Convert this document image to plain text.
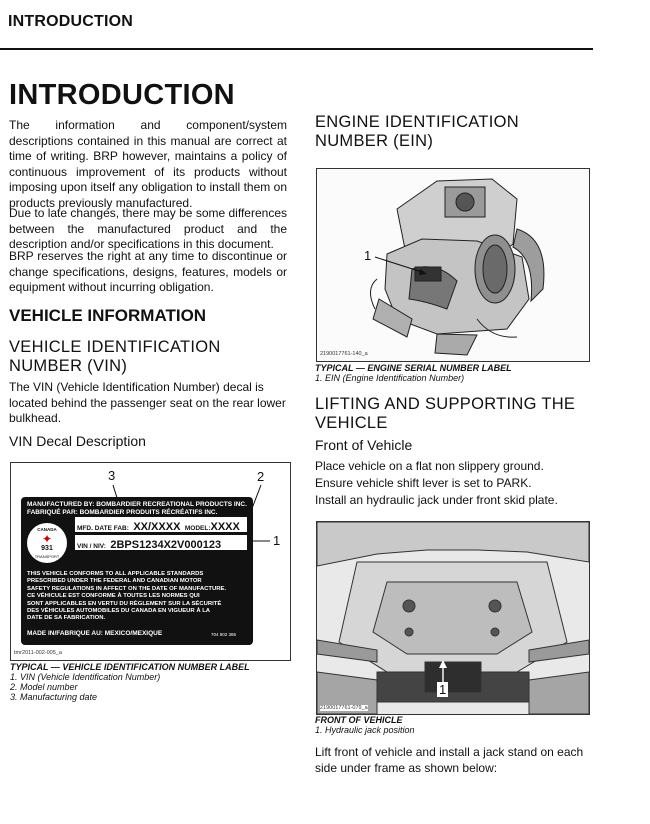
INTRODUCTION
INTRODUCTION
The information and component/system descriptions contained in this manual are correct at time of writing. BRP however, maintains a policy of continuous improvement of its products without imposing upon itself any obligation to install them on products previously manufactured.
Due to late changes, there may be some differences between the manufactured product and the description and/or specifications in this document.
BRP reserves the right at any time to discontinue or change specifications, designs, features, models or equipment without incurring obligation.
VEHICLE INFORMATION
VEHICLE IDENTIFICATION
NUMBER (VIN)
The VIN (Vehicle Identification Number) decal is located behind the passenger seat on the rear lower bulkhead.
VIN Decal Description
3	2
1
MANUFACTURED BY: BOMBARDIER RECREATIONAL PRODUCTS INC.
FABRIQUÉ PAR: BOMBARDIER PRODUITS RÉCRÉATIFS INC.
CANADA
✦
931
TRANSPORT
MFD. DATE FAB: XX/XXXX MODEL:XXXX
VIN / NIV: 2BPS1234X2V000123
THIS VEHICLE CONFORMS TO ALL APPLICABLE STANDARDS
PRESCRIBED UNDER THE FEDERAL AND CANADIAN MOTOR
SAFETY REGULATIONS IN AFFECT ON THE DATE OF MANUFACTURE.
CE VÉHICULE EST CONFORME À TOUTES LES NORMES QUI
SONT APPLICABLES EN VERTU DU RÈGLEMENT SUR LA SÉCURITÉ
DES VÉHICULES AUTOMOBILES DU CANADA EN VIGUEUR À LA
DATE DE SA FABRICATION.
MADE IN/FABRIQUE AU: MEXICO/MEXIQUE	704 902 386
tmr2011-002-005_a
TYPICAL — VEHICLE IDENTIFICATION NUMBER LABEL
1. VIN (Vehicle Identification Number)
2. Model number
3. Manufacturing date
ENGINE IDENTIFICATION
NUMBER (EIN)
1
2190017761-140_a
TYPICAL — ENGINE SERIAL NUMBER LABEL
1. EIN (Engine Identification Number)
LIFTING AND SUPPORTING THE
VEHICLE
Front of Vehicle
Place vehicle on a flat non slippery ground.
Ensure vehicle shift lever is set to PARK.
Install an hydraulic jack under front skid plate.
1
2190017761-079_a
FRONT OF VEHICLE
1. Hydraulic jack position
Lift front of vehicle and install a jack stand on each side under frame as shown below:
